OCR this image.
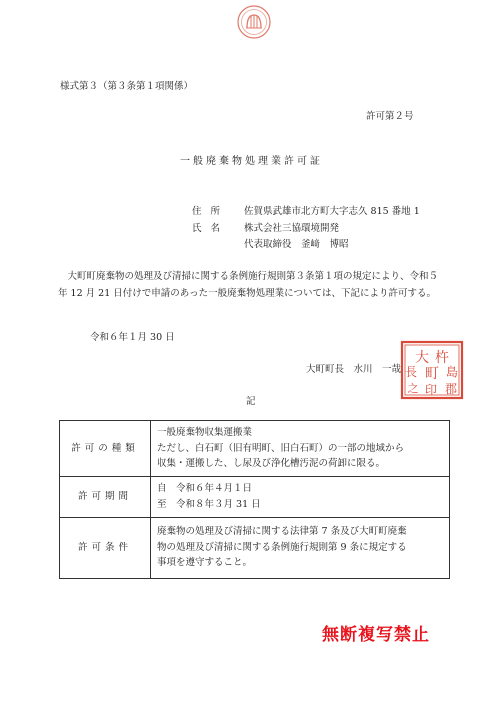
様式第３（第３条第１項関係）
許可第２号
一般廃棄物処理業許可証
住所 佐賀県武雄市北方町大字志久 815 番地 1
氏名 株式会社三協環境開発
代表取締役　釜﨑　博昭
大町町廃棄物の処理及び清掃に関する条例施行規則第３条第１項の規定により、令和５年 12 月 21 日付けで申請のあった一般廃棄物処理業については、下記により許可する。
令和６年１月 30 日
大町町長　水川　一哉
杵
大
長 島
町
之 郡
印
記
許可の種類	一般廃棄物収集運搬業
ただし、白石町（旧有明町、旧白石町）の一部の地域から
収集・運搬した、し尿及び浄化槽汚泥の荷卸に限る。

許可期間	自　令和６年４月１日
至　令和８年３月 31 日

許可条件	廃棄物の処理及び清掃に関する法律第 7 条及び大町町廃棄
物の処理及び清掃に関する条例施行規則第 9 条に規定する
事項を遵守すること。
無断複写禁止
